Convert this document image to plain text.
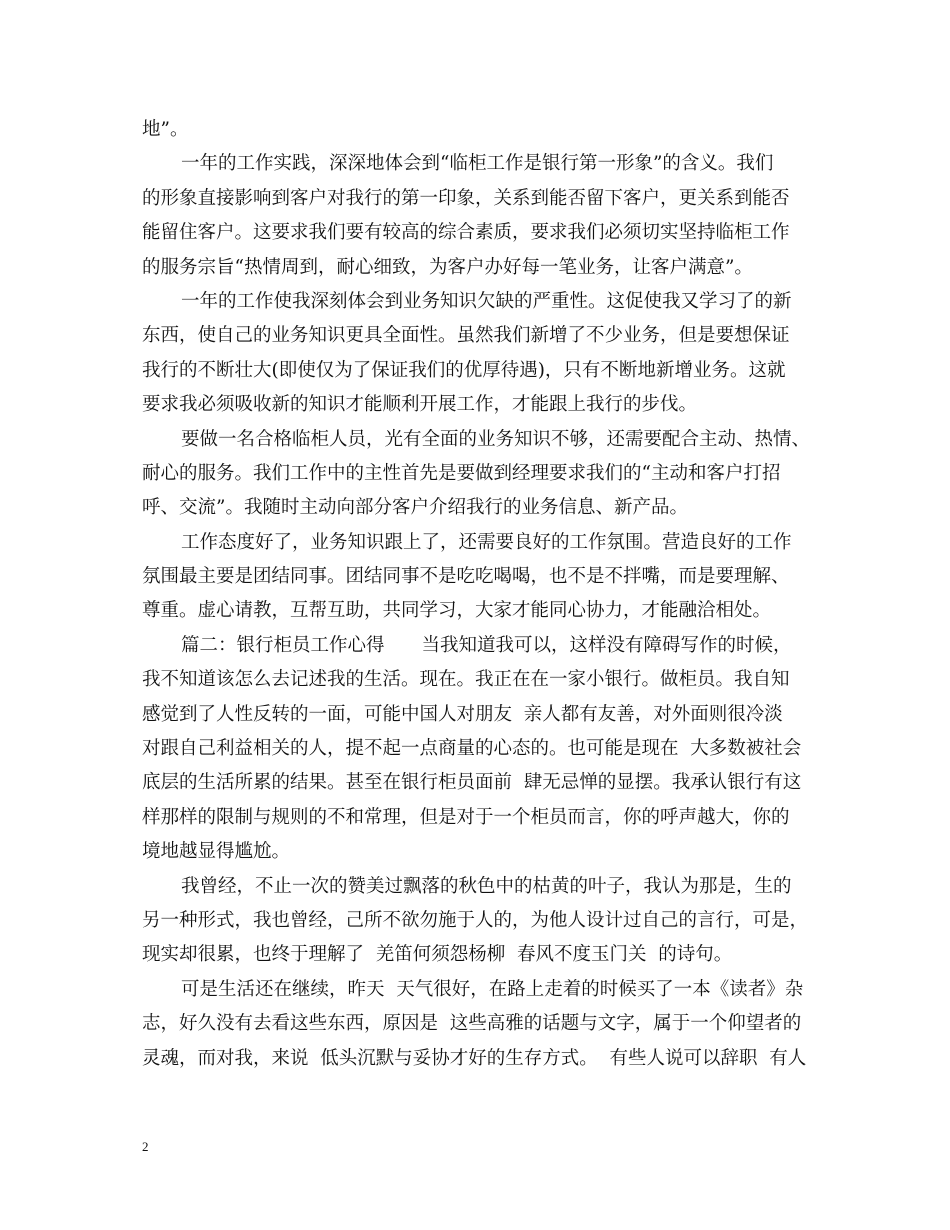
地”。
一年的工作实践，深深地体会到“临柜工作是银行第一形象”的含义。我们
的形象直接影响到客户对我行的第一印象，关系到能否留下客户，更关系到能否
能留住客户。这要求我们要有较高的综合素质，要求我们必须切实坚持临柜工作
的服务宗旨“热情周到，耐心细致，为客户办好每一笔业务，让客户满意”。
一年的工作使我深刻体会到业务知识欠缺的严重性。这促使我又学习了的新
东西，使自己的业务知识更具全面性。虽然我们新增了不少业务，但是要想保证
我行的不断壮大(即使仅为了保证我们的优厚待遇)，只有不断地新增业务。这就
要求我必须吸收新的知识才能顺利开展工作，才能跟上我行的步伐。
要做一名合格临柜人员，光有全面的业务知识不够，还需要配合主动、热情、
耐心的服务。我们工作中的主性首先是要做到经理要求我们的“主动和客户打招
呼、交流”。我随时主动向部分客户介绍我行的业务信息、新产品。
工作态度好了，业务知识跟上了，还需要良好的工作氛围。营造良好的工作
氛围最主要是团结同事。团结同事不是吃吃喝喝，也不是不拌嘴，而是要理解、
尊重。虚心请教，互帮互助，共同学习，大家才能同心协力，才能融洽相处。
篇二：银行柜员工作心得　　当我知道我可以，这样没有障碍写作的时候，
我不知道该怎么去记述我的生活。现在。我正在在一家小银行。做柜员。我自知
感觉到了人性反转的一面，可能中国人对朋友  亲人都有友善，对外面则很冷淡
对跟自己利益相关的人，提不起一点商量的心态的。也可能是现在  大多数被社会
底层的生活所累的结果。甚至在银行柜员面前  肆无忌惮的显摆。我承认银行有这
样那样的限制与规则的不和常理，但是对于一个柜员而言，你的呼声越大，你的
境地越显得尴尬。
我曾经，不止一次的赞美过飘落的秋色中的枯黄的叶子，我认为那是，生的
另一种形式，我也曾经，己所不欲勿施于人的，为他人设计过自己的言行，可是，
现实却很累，也终于理解了  羌笛何须怨杨柳  春风不度玉门关  的诗句。
可是生活还在继续，昨天  天气很好，在路上走着的时候买了一本《读者》杂
志，好久没有去看这些东西，原因是  这些高雅的话题与文字，属于一个仰望者的
灵魂，而对我，来说  低头沉默与妥协才好的生存方式。  有些人说可以辞职  有人
2
